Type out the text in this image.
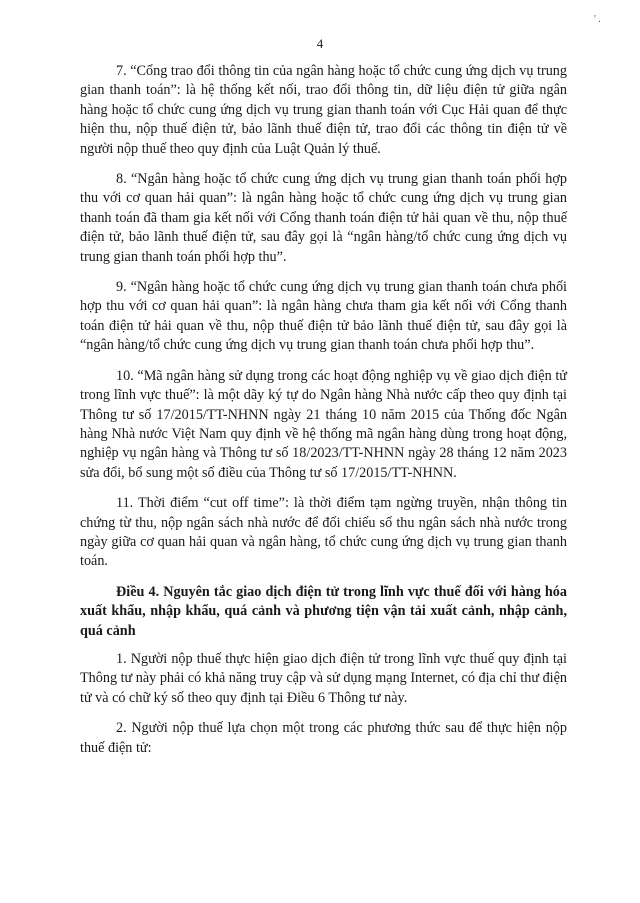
' .
4

7. “Cổng trao đổi thông tin của ngân hàng hoặc tổ chức cung ứng dịch vụ trung gian thanh toán”: là hệ thống kết nối, trao đổi thông tin, dữ liệu điện tử giữa ngân hàng hoặc tổ chức cung ứng dịch vụ trung gian thanh toán với Cục Hải quan để thực hiện thu, nộp thuế điện tử, bảo lãnh thuế điện tử, trao đổi các thông tin điện tử về người nộp thuế theo quy định của Luật Quản lý thuế.

8. “Ngân hàng hoặc tổ chức cung ứng dịch vụ trung gian thanh toán phối hợp thu với cơ quan hải quan”: là ngân hàng hoặc tổ chức cung ứng dịch vụ trung gian thanh toán đã tham gia kết nối với Cổng thanh toán điện tử hải quan về thu, nộp thuế điện tử, bảo lãnh thuế điện tử, sau đây gọi là “ngân hàng/tổ chức cung ứng dịch vụ trung gian thanh toán phối hợp thu”.

9. “Ngân hàng hoặc tổ chức cung ứng dịch vụ trung gian thanh toán chưa phối hợp thu với cơ quan hải quan”: là ngân hàng chưa tham gia kết nối với Cổng thanh toán điện tử hải quan về thu, nộp thuế điện tử bảo lãnh thuế điện tử, sau đây gọi là “ngân hàng/tổ chức cung ứng dịch vụ trung gian thanh toán chưa phối hợp thu”.

10. “Mã ngân hàng sử dụng trong các hoạt động nghiệp vụ về giao dịch điện tử trong lĩnh vực thuế”: là một dãy ký tự do Ngân hàng Nhà nước cấp theo quy định tại Thông tư số 17/2015/TT-NHNN ngày 21 tháng 10 năm 2015 của Thống đốc Ngân hàng Nhà nước Việt Nam quy định về hệ thống mã ngân hàng dùng trong hoạt động, nghiệp vụ ngân hàng và Thông tư số 18/2023/TT-NHNN ngày 28 tháng 12 năm 2023 sửa đổi, bổ sung một số điều của Thông tư số 17/2015/TT-NHNN.

11. Thời điểm “cut off time”: là thời điểm tạm ngừng truyền, nhận thông tin chứng từ thu, nộp ngân sách nhà nước để đối chiếu số thu ngân sách nhà nước trong ngày giữa cơ quan hải quan và ngân hàng, tổ chức cung ứng dịch vụ trung gian thanh toán.

Điều 4. Nguyên tắc giao dịch điện tử trong lĩnh vực thuế đối với hàng hóa xuất khẩu, nhập khẩu, quá cảnh và phương tiện vận tải xuất cảnh, nhập cảnh, quá cảnh

1. Người nộp thuế thực hiện giao dịch điện tử trong lĩnh vực thuế quy định tại Thông tư này phải có khả năng truy cập và sử dụng mạng Internet, có địa chỉ thư điện tử và có chữ ký số theo quy định tại Điều 6 Thông tư này.

2. Người nộp thuế lựa chọn một trong các phương thức sau để thực hiện nộp thuế điện tử:
